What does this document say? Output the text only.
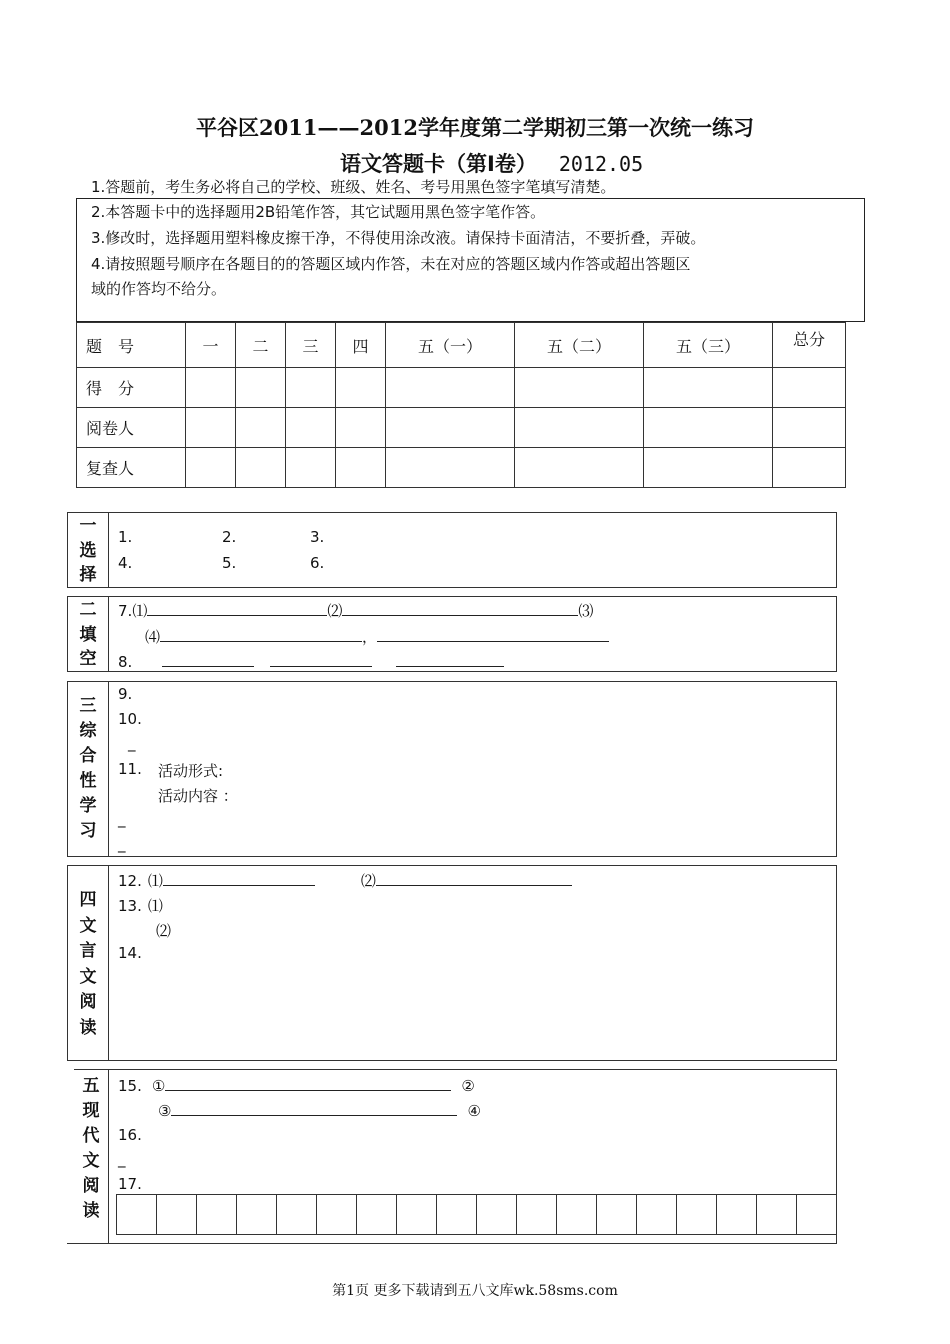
平谷区2011——2012学年度第二学期初三第一次统一练习
语文答题卡（第Ⅰ卷） 2012.05
1.答题前，考生务必将自己的学校、班级、姓名、考号用黑色签字笔填写清楚。
2.本答题卡中的选择题用2B铅笔作答，其它试题用黑色签字笔作答。
3.修改时，选择题用塑料橡皮擦干净，不得使用涂改液。请保持卡面清洁，不要折叠，弄破。
4.请按照题号顺序在各题目的的答题区域内作答，未在对应的答题区域内作答或超出答题区
域的作答均不给分。
题　号	一	二	三	四	五（一）	五（二）	五（三）	总分
得　分								
阅卷人								
复查人								
一
选
择
1.	2.	3.
4.	5.	6.
二
填
空
7.⑴	⑵	⑶
⑷	，
8.
三
综
合
性
学
习
9.
10.
_
11. 活动形式:
活动内容 ：
_
_
四
文
言
文
阅
读
12. ⑴	⑵
13. ⑴
⑵
14.
五
现
代
文
阅
读
15. ①	②
③	④
16.
_
17.
第1页 更多下载请到五八文库wk.58sms.com
